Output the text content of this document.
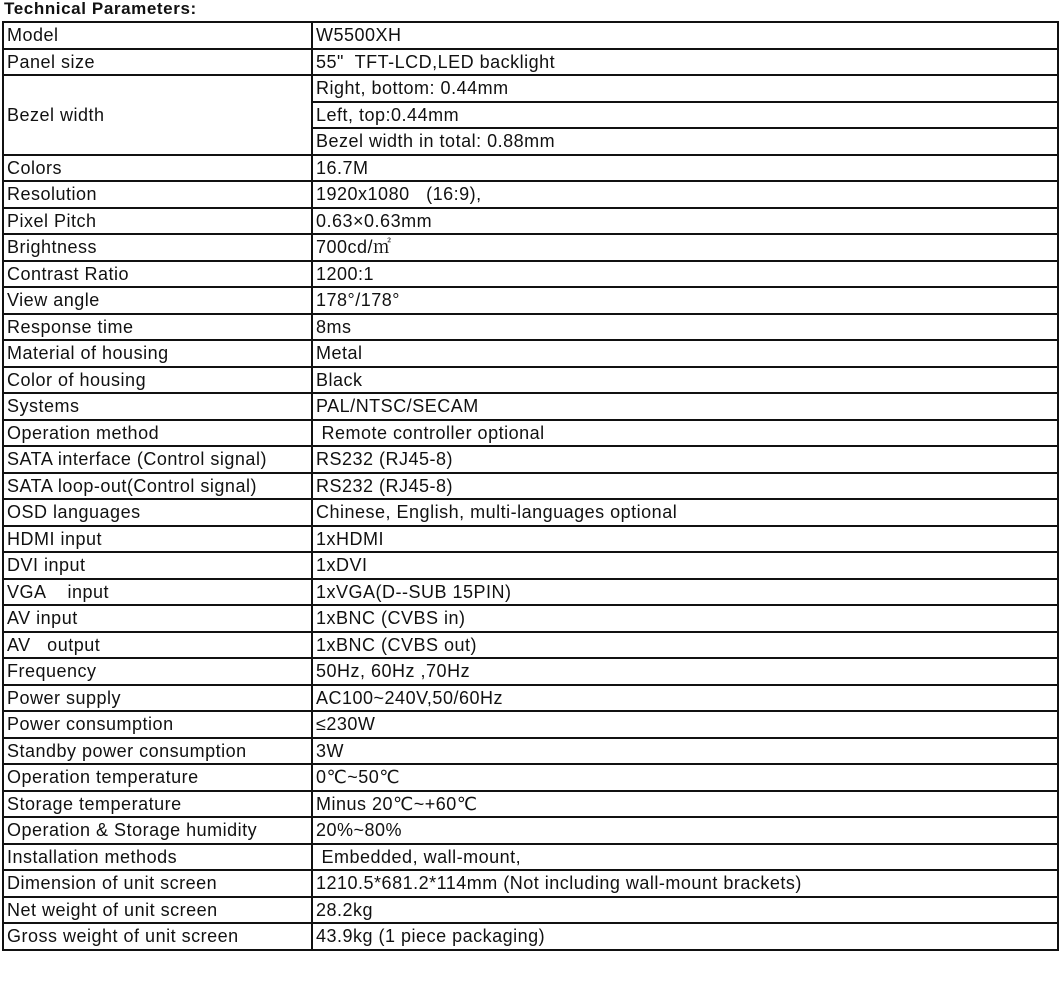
Technical Parameters:
Model	W5500XH
Panel size	55"  TFT-LCD,LED backlight
Bezel width	Right, bottom: 0.44mm
	Left, top:0.44mm
	Bezel width in total: 0.88mm
Colors	16.7M
Resolution	1920x1080   (16:9),
Pixel Pitch	0.63×0.63mm
Brightness	700cd/㎡
Contrast Ratio	1200:1
View angle	178°/178°
Response time	8ms
Material of housing	Metal
Color of housing	Black
Systems	PAL/NTSC/SECAM
Operation method	Remote controller optional
SATA interface (Control signal)	RS232 (RJ45-8)
SATA loop-out(Control signal)	RS232 (RJ45-8)
OSD languages	Chinese, English, multi-languages optional
HDMI input	1xHDMI
DVI input	1xDVI
VGA    input	1xVGA(D--SUB 15PIN)
AV input	1xBNC (CVBS in)
AV   output	1xBNC (CVBS out)
Frequency	50Hz, 60Hz ,70Hz
Power supply	AC100~240V,50/60Hz
Power consumption	≤230W
Standby power consumption	3W
Operation temperature	0℃~50℃
Storage temperature	Minus 20℃~+60℃
Operation & Storage humidity	20%~80%
Installation methods	Embedded, wall-mount,
Dimension of unit screen	1210.5*681.2*114mm (Not including wall-mount brackets)
Net weight of unit screen	28.2kg
Gross weight of unit screen	43.9kg (1 piece packaging)
